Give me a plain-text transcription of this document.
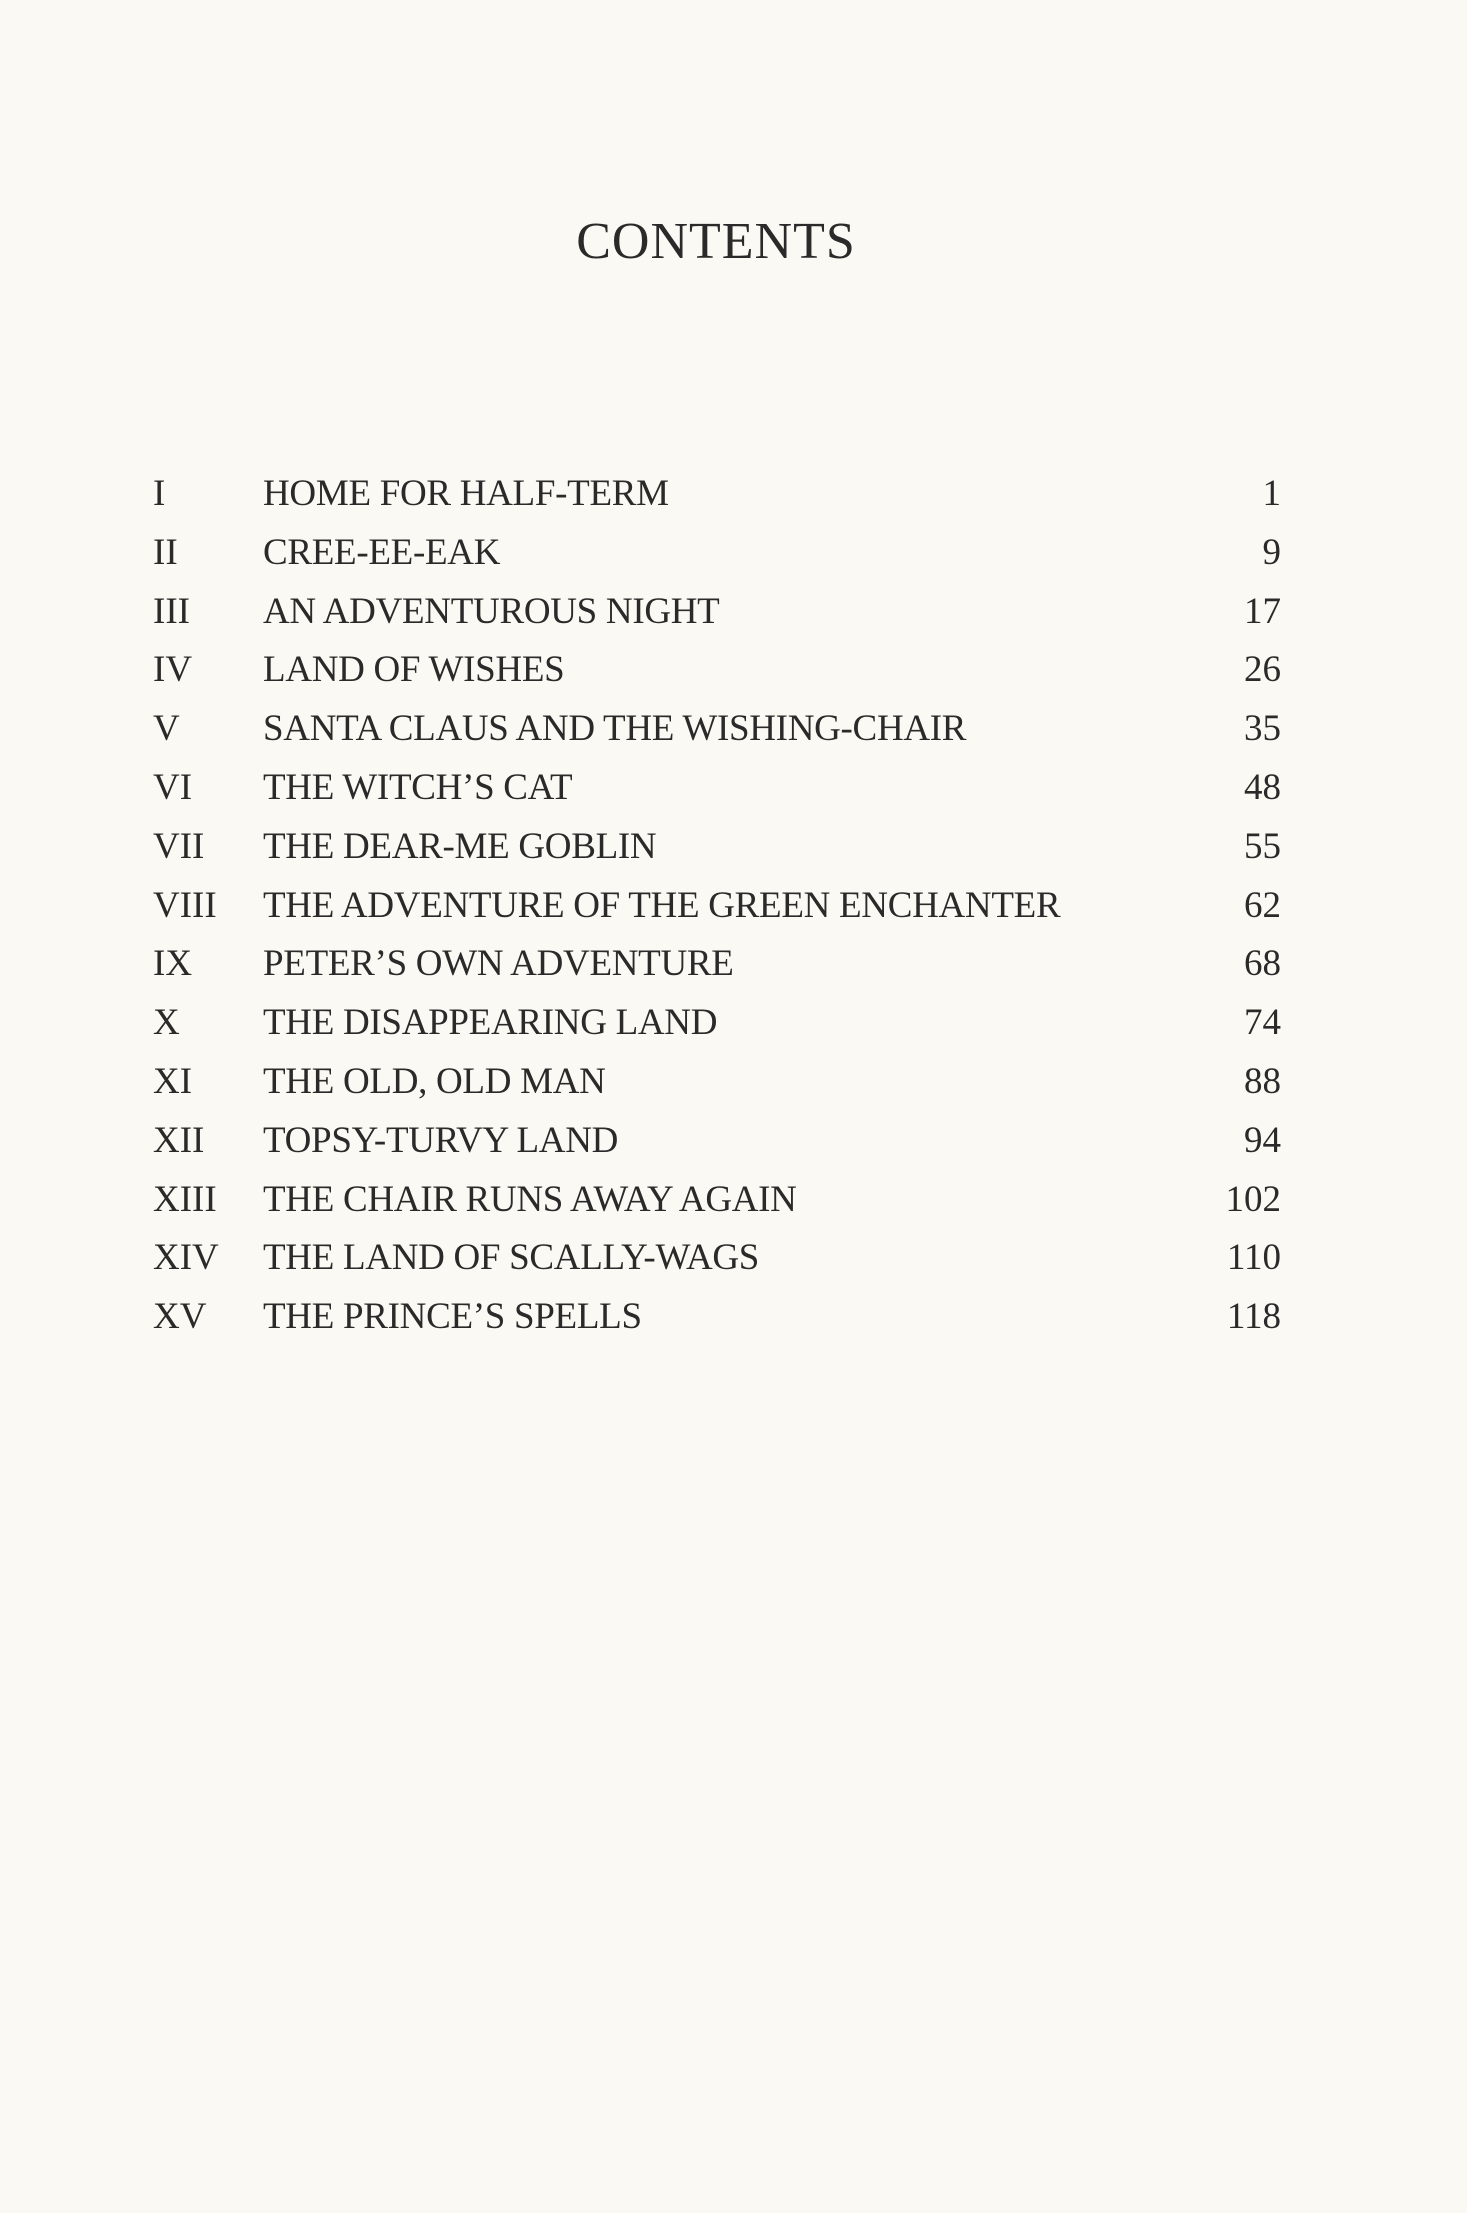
CONTENTS
I	HOME FOR HALF-TERM	1
II CREE-EE-EAK	9
III AN ADVENTUROUS NIGHT	17
IV LAND OF WISHES	26
V SANTA CLAUS AND THE WISHING-CHAIR	35
VI THE WITCH’S CAT	48
VII THE DEAR-ME GOBLIN	55
VIII THE ADVENTURE OF THE GREEN ENCHANTER	62
IX PETER’S OWN ADVENTURE	68
X THE DISAPPEARING LAND	74
XI THE OLD, OLD MAN	88
XII TOPSY-TURVY LAND	94
XIII THE CHAIR RUNS AWAY AGAIN	102
XIV THE LAND OF SCALLY-WAGS	110
XV THE PRINCE’S SPELLS	118
